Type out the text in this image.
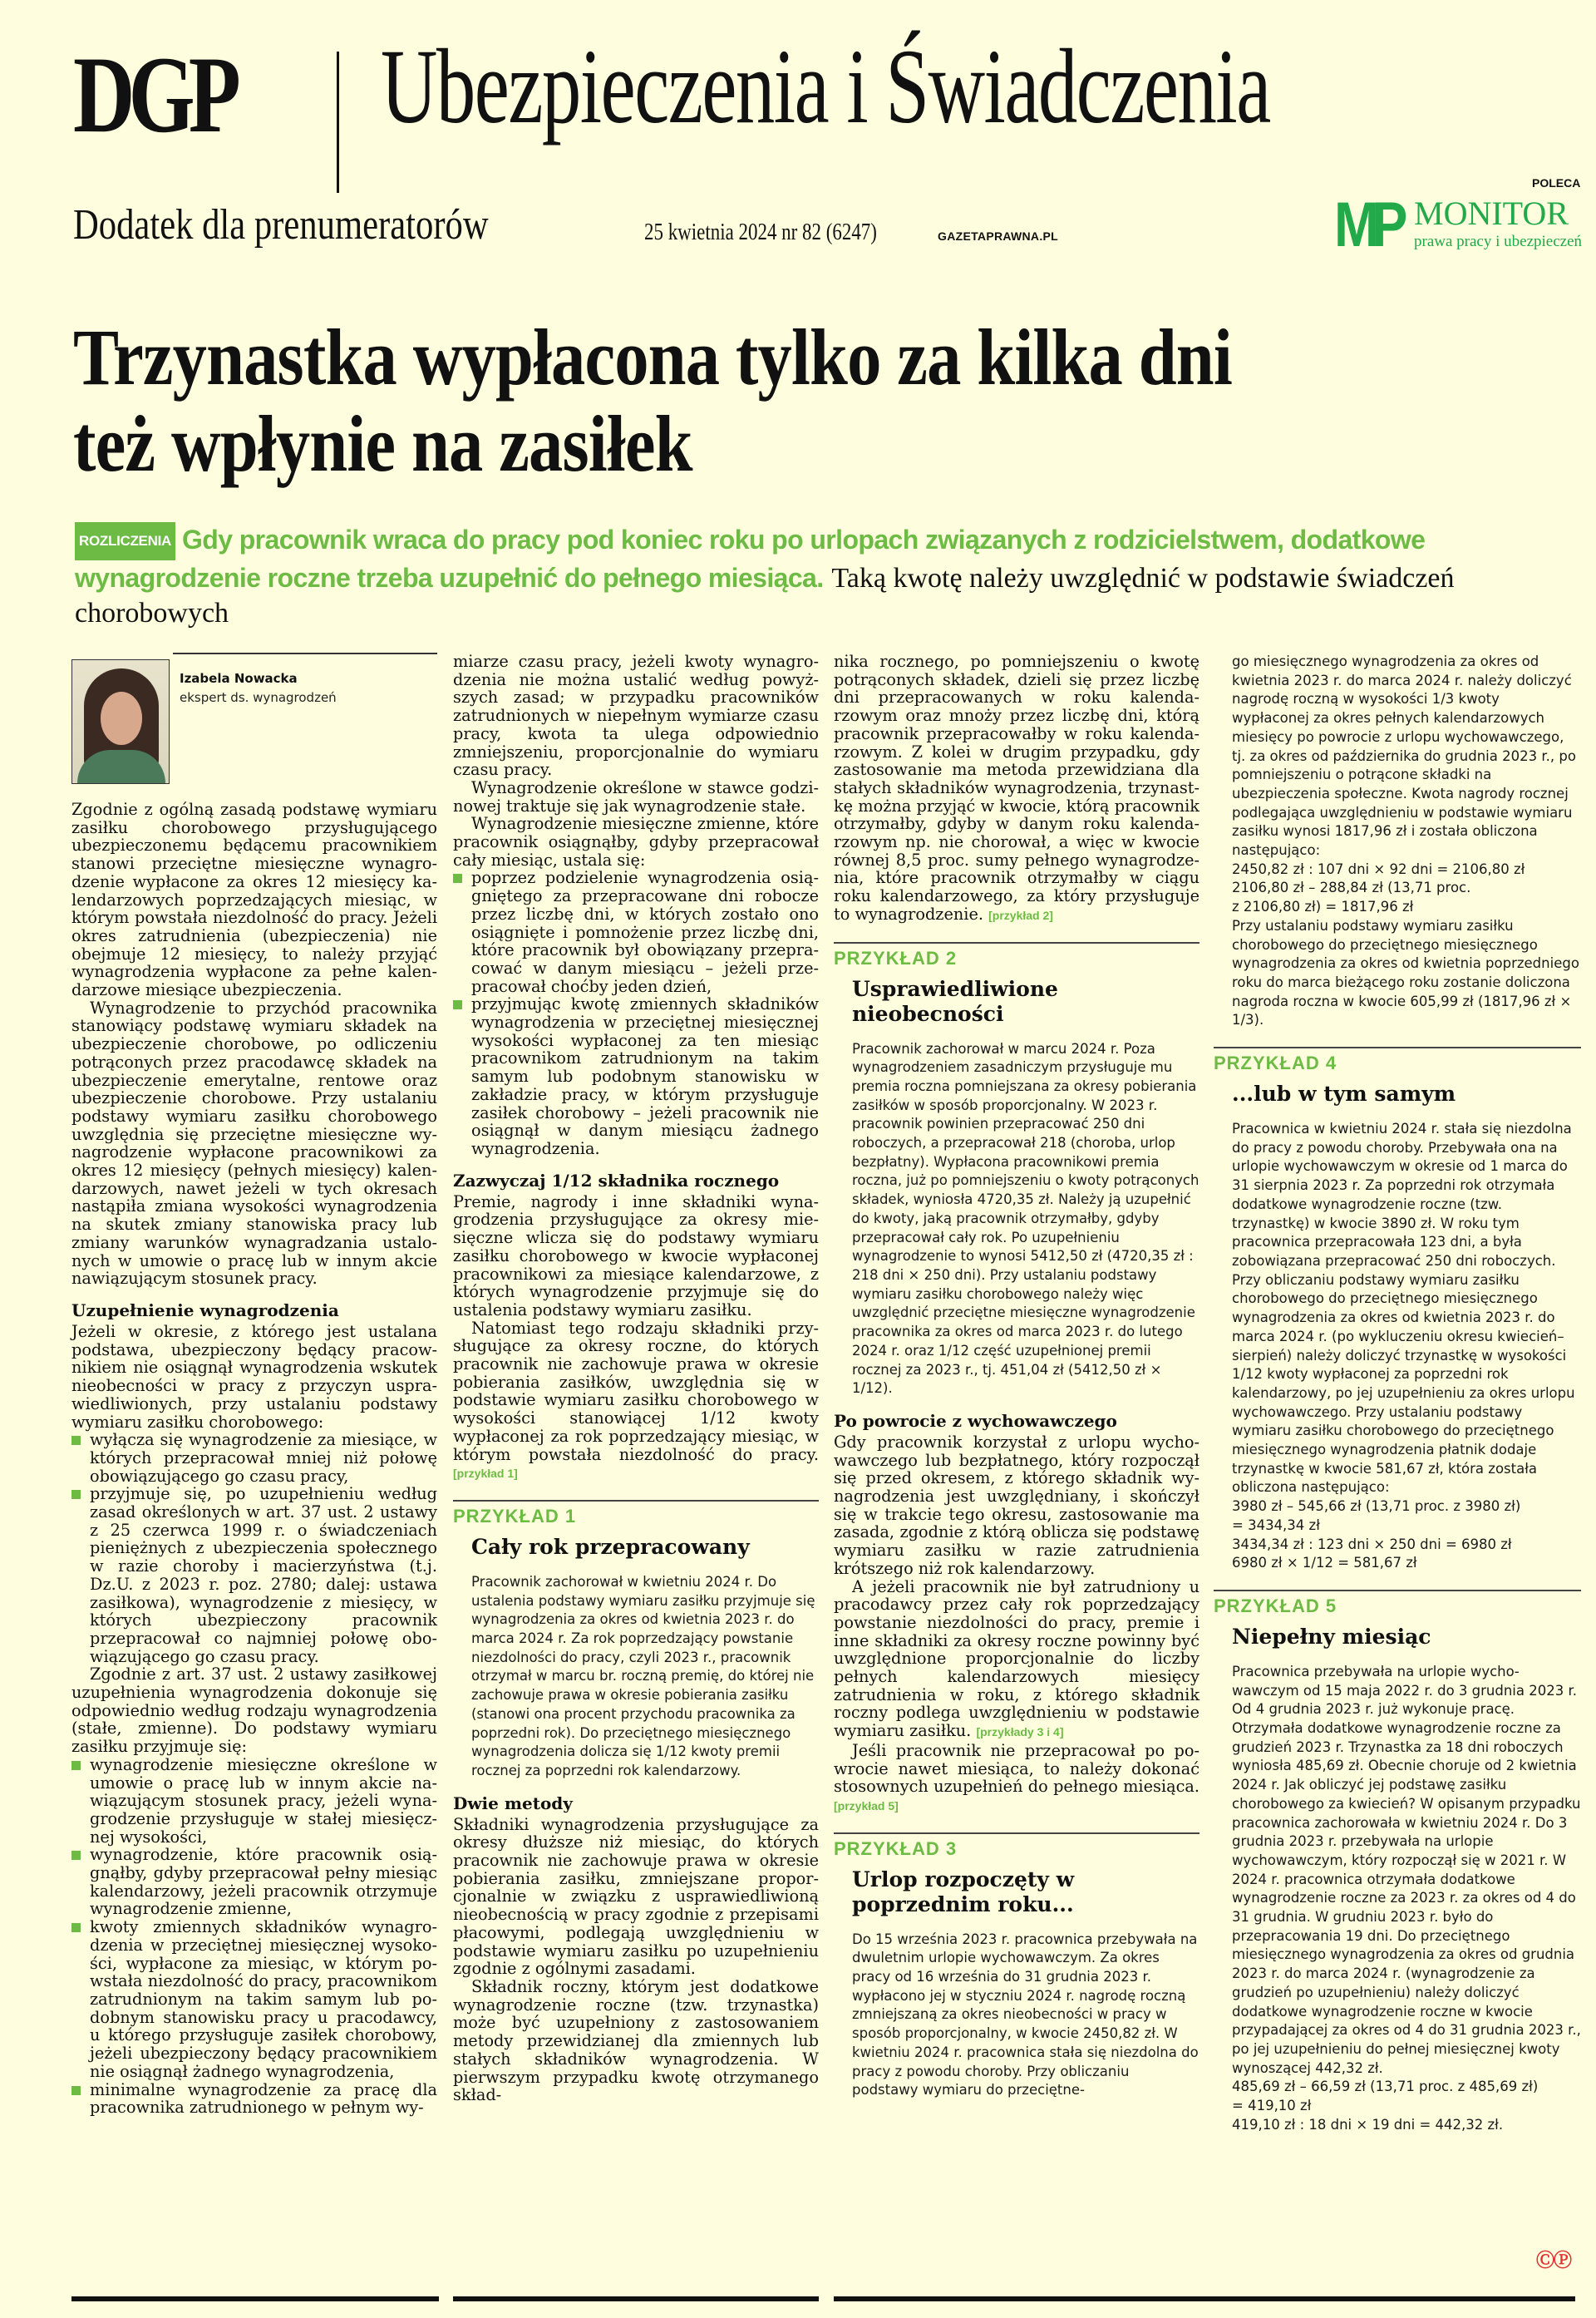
DGP Ubezpieczenia i Świadczenia
Dodatek dla prenumeratorów	25 kwietnia 2024 nr 82 (6247)	GAZETAPRAWNA.PL
POLECA
MP MONITOR
prawa pracy i ubezpieczeń
Trzynastka wypłacona tylko za kilka dni
też wpłynie na zasiłek
ROZLICZENIA Gdy pracownik wraca do pracy pod koniec roku po urlopach związanych z rodzicielstwem, dodatkowe wynagrodzenie roczne trzeba uzupełnić do pełnego miesiąca. Taką kwotę należy uwzględnić w podstawie świadczeń chorobowych
Izabela Nowacka
ekspert ds. wynagrodzeń

Zgodnie z ogólną zasadą podstawę wymiaru zasiłku chorobowego przysługującego ubezpieczonemu będącemu pracownikiem stanowi przeciętne miesięczne wynagrodzenie wypłacone za okres 12 miesięcy kalendarzowych poprzedzających miesiąc, w którym powstała niezdolność do pracy. Jeżeli okres zatrudnienia (ubezpieczenia) nie obejmuje 12 miesięcy, to należy przyjąć wynagrodzenia wypłacone za pełne kalendarzowe miesiące ubezpieczenia.

Wynagrodzenie to przychód pracownika stanowiący podstawę wymiaru składek na ubezpieczenie chorobowe, po odliczeniu potrąconych przez pracodawcę składek na ubezpieczenie emerytalne, rentowe oraz ubezpieczenie chorobowe. Przy ustalaniu podstawy wymiaru zasiłku chorobowego uwzględnia się przeciętne miesięczne wynagrodzenie wypłacone pracownikowi za okres 12 miesięcy (pełnych miesięcy) kalendarzowych, nawet jeżeli w tych okresach nastąpiła zmiana wysokości wynagrodzenia na skutek zmiany stanowiska pracy lub zmiany warunków wynagradzania ustalonych w umowie o pracę lub w innym akcie nawiązującym stosunek pracy.

Uzupełnienie wynagrodzenia

Jeżeli w okresie, z którego jest ustalana podstawa, ubezpieczony będący pracownikiem nie osiągnął wynagrodzenia wskutek nieobecności w pracy z przyczyn usprawiedliwionych, przy ustalaniu podstawy wymiaru zasiłku chorobowego:

wyłącza się wynagrodzenie za miesiące, w których przepracował mniej niż połowę obowiązującego go czasu pracy,
przyjmuje się, po uzupełnieniu według zasad określonych w art. 37 ust. 2 ustawy z 25 czerwca 1999 r. o świadczeniach pieniężnych z ubezpieczenia społecznego w razie choroby i macierzyństwa (t.j. Dz.U. z 2023 r. poz. 2780; dalej: ustawa zasiłkowa), wynagrodzenie z miesięcy, w których ubezpieczony pracownik przepracował co najmniej połowę obowiązującego go czasu pracy.

Zgodnie z art. 37 ust. 2 ustawy zasiłkowej uzupełnienia wynagrodzenia dokonuje się odpowiednio według rodzaju wynagrodzenia (stałe, zmienne). Do podstawy wymiaru zasiłku przyjmuje się:

wynagrodzenie miesięczne określone w umowie o pracę lub w innym akcie nawiązującym stosunek pracy, jeżeli wynagrodzenie przysługuje w stałej miesięcznej wysokości,
wynagrodzenie, które pracownik osiągnąłby, gdyby przepracował pełny miesiąc kalendarzowy, jeżeli pracownik otrzymuje wynagrodzenie zmienne,
kwoty zmiennych składników wynagrodzenia w przeciętnej miesięcznej wysokości, wypłacone za miesiąc, w którym powstała niezdolność do pracy, pracownikom zatrudnionym na takim samym lub podobnym stanowisku pracy u pracodawcy, u którego przysługuje zasiłek chorobowy, jeżeli ubezpieczony będący pracownikiem nie osiągnął żadnego wynagrodzenia,
minimalne wynagrodzenie za pracę dla pracownika zatrudnionego w pełnym wy-

miarze czasu pracy, jeżeli kwoty wynagrodzenia nie można ustalić według powyższych zasad; w przypadku pracowników zatrudnionych w niepełnym wymiarze czasu pracy, kwota ta ulega odpowiednio zmniejszeniu, proporcjonalnie do wymiaru czasu pracy.

Wynagrodzenie określone w stawce godzinowej traktuje się jak wynagrodzenie stałe.

Wynagrodzenie miesięczne zmienne, które pracownik osiągnąłby, gdyby przepracował cały miesiąc, ustala się:

poprzez podzielenie wynagrodzenia osiągniętego za przepracowane dni robocze przez liczbę dni, w których zostało ono osiągnięte i pomnożenie przez liczbę dni, które pracownik był obowiązany przepracować w danym miesiącu – jeżeli przepracował choćby jeden dzień,
przyjmując kwotę zmiennych składników wynagrodzenia w przeciętnej miesięcznej wysokości wypłaconej za ten miesiąc pracownikom zatrudnionym na takim samym lub podobnym stanowisku w zakładzie pracy, w którym przysługuje zasiłek chorobowy – jeżeli pracownik nie osiągnął w danym miesiącu żadnego wynagrodzenia.
Zazwyczaj 1/12 składnika rocznego

Premie, nagrody i inne składniki wynagrodzenia przysługujące za okresy miesięczne wlicza się do podstawy wymiaru zasiłku chorobowego w kwocie wypłaconej pracownikowi za miesiące kalendarzowe, z których wynagrodzenie przyjmuje się do ustalenia podstawy wymiaru zasiłku.

Natomiast tego rodzaju składniki przysługujące za okresy roczne, do których pracownik nie zachowuje prawa w okresie pobierania zasiłków, uwzględnia się w podstawie wymiaru zasiłku chorobowego w wysokości stanowiącej 1/12 kwoty wypłaconej za rok poprzedzający miesiąc, w którym powstała niezdolność do pracy. [przykład 1]

PRZYKŁAD 1
Cały rok przepracowany

Pracownik zachorował w kwietniu 2024 r. Do ustalenia podstawy wymiaru zasiłku przyjmuje się wynagrodzenia za okres od kwietnia 2023 r. do marca 2024 r. Za rok poprzedzający powstanie niezdolności do pracy, czyli 2023 r., pracownik otrzymał w marcu br. roczną premię, do której nie zachowuje prawa w okresie pobierania zasiłku (stanowi ona procent przychodu pracownika za poprzedni rok). Do przeciętnego miesięcznego wynagrodzenia dolicza się 1/12 kwoty premii rocznej za poprzedni rok kalendarzowy.

Dwie metody

Składniki wynagrodzenia przysługujące za okresy dłuższe niż miesiąc, do których pracownik nie zachowuje prawa w okresie pobierania zasiłku, zmniejszane proporcjonalnie w związku z usprawiedliwioną nieobecnością w pracy zgodnie z przepisami płacowymi, podlegają uwzględnieniu w podstawie wymiaru zasiłku po uzupełnieniu zgodnie z ogólnymi zasadami.

Składnik roczny, którym jest dodatkowe wynagrodzenie roczne (tzw. trzynastka) może być uzupełniony z zastosowaniem metody przewidzianej dla zmiennych lub stałych składników wynagrodzenia. W pierwszym przypadku kwotę otrzymanego skład-

nika rocznego, po pomniejszeniu o kwotę potrąconych składek, dzieli się przez liczbę dni przepracowanych w roku kalendarzowym oraz mnoży przez liczbę dni, którą pracownik przepracowałby w roku kalendarzowym. Z kolei w drugim przypadku, gdy zastosowanie ma metoda przewidziana dla stałych składników wynagrodzenia, trzynastkę można przyjąć w kwocie, którą pracownik otrzymałby, gdyby w danym roku kalendarzowym np. nie chorował, a więc w kwocie równej 8,5 proc. sumy pełnego wynagrodzenia, które pracownik otrzymałby w ciągu roku kalendarzowego, za który przysługuje to wynagrodzenie. [przykład 2]

PRZYKŁAD 2
Usprawiedliwione nieobecności

Pracownik zachorował w marcu 2024 r. Poza wynagrodzeniem zasadniczym przysługuje mu premia roczna pomniejszana za okresy pobierania zasiłków w sposób proporcjonalny. W 2023 r. pracownik powinien przepracować 250 dni roboczych, a przepracował 218 (choroba, urlop bezpłatny). Wypłacona pracownikowi premia roczna, już po pomniejszeniu o kwoty potrąconych składek, wyniosła 4720,35 zł. Należy ją uzupełnić do kwoty, jaką pracownik otrzymałby, gdyby przepracował cały rok. Po uzupełnieniu wynagrodzenie to wynosi 5412,50 zł (4720,35 zł : 218 dni × 250 dni). Przy ustalaniu podstawy wymiaru zasiłku chorobowego należy więc uwzględnić przeciętne miesięczne wynagrodzenie pracownika za okres od marca 2023 r. do lutego 2024 r. oraz 1/12 część uzupełnionej premii rocznej za 2023 r., tj. 451,04 zł (5412,50 zł × 1/12).

Po powrocie z wychowawczego

Gdy pracownik korzystał z urlopu wychowawczego lub bezpłatnego, który rozpoczął się przed okresem, z którego składnik wynagrodzenia jest uwzględniany, i skończył się w trakcie tego okresu, zastosowanie ma zasada, zgodnie z którą oblicza się podstawę wymiaru zasiłku w razie zatrudnienia krótszego niż rok kalendarzowy.

A jeżeli pracownik nie był zatrudniony u pracodawcy przez cały rok poprzedzający powstanie niezdolności do pracy, premie i inne składniki za okresy roczne powinny być uwzględnione proporcjonalnie do liczby pełnych kalendarzowych miesięcy zatrudnienia w roku, z którego składnik roczny podlega uwzględnieniu w podstawie wymiaru zasiłku. [przykłady 3 i 4]

Jeśli pracownik nie przepracował po powrocie nawet miesiąca, to należy dokonać stosownych uzupełnień do pełnego miesiąca. [przykład 5]

PRZYKŁAD 3
Urlop rozpoczęty w poprzednim roku...

Do 15 września 2023 r. pracownica przebywała na dwuletnim urlopie wychowawczym. Za okres pracy od 16 września do 31 grudnia 2023 r. wypłacono jej w styczniu 2024 r. nagrodę roczną zmniejszaną za okres nieobecności w pracy w sposób proporcjonalny, w kwocie 2450,82 zł. W kwietniu 2024 r. pracownica stała się niezdolna do pracy z powodu choroby. Przy obliczaniu podstawy wymiaru do przeciętne-

go miesięcznego wynagrodzenia za okres od kwietnia 2023 r. do marca 2024 r. należy doliczyć nagrodę roczną w wysokości 1/3 kwoty wypłaconej za okres pełnych kalendarzowych miesięcy po powrocie z urlopu wychowawczego, tj. za okres od października do grudnia 2023 r., po pomniejszeniu o potrącone składki na ubezpieczenia społeczne. Kwota nagrody rocznej podlegająca uwzględnieniu w podstawie wymiaru zasiłku wynosi 1817,96 zł i została obliczona następująco:

2450,82 zł : 107 dni × 92 dni = 2106,80 zł

2106,80 zł – 288,84 zł (13,71 proc.

z 2106,80 zł) = 1817,96 zł

Przy ustalaniu podstawy wymiaru zasiłku chorobowego do przeciętnego miesięcznego wynagrodzenia za okres od kwietnia poprzedniego roku do marca bieżącego roku zostanie doliczona nagroda roczna w kwocie 605,99 zł (1817,96 zł × 1/3).

PRZYKŁAD 4
...lub w tym samym

Pracownica w kwietniu 2024 r. stała się niezdolna do pracy z powodu choroby. Przebywała ona na urlopie wychowawczym w okresie od 1 marca do 31 sierpnia 2023 r. Za poprzedni rok otrzymała dodatkowe wynagrodzenie roczne (tzw. trzynastkę) w kwocie 3890 zł. W roku tym pracownica przepracowała 123 dni, a była zobowiązana przepracować 250 dni roboczych. Przy obliczaniu podstawy wymiaru zasiłku chorobowego do przeciętnego miesięcznego wynagrodzenia za okres od kwietnia 2023 r. do marca 2024 r. (po wykluczeniu okresu kwiecień–sierpień) należy doliczyć trzynastkę w wysokości 1/12 kwoty wypłaconej za poprzedni rok kalendarzowy, po jej uzupełnieniu za okres urlopu wychowawczego. Przy ustalaniu podstawy wymiaru zasiłku chorobowego do przeciętnego miesięcznego wynagrodzenia płatnik dodaje trzynastkę w kwocie 581,67 zł, która została obliczona następująco:

3980 zł – 545,66 zł (13,71 proc. z 3980 zł)

= 3434,34 zł

3434,34 zł : 123 dni × 250 dni = 6980 zł

6980 zł × 1/12 = 581,67 zł

PRZYKŁAD 5
Niepełny miesiąc

Pracownica przebywała na urlopie wychowawczym od 15 maja 2022 r. do 3 grudnia 2023 r. Od 4 grudnia 2023 r. już wykonuje pracę. Otrzymała dodatkowe wynagrodzenie roczne za grudzień 2023 r. Trzynastka za 18 dni roboczych wyniosła 485,69 zł. Obecnie choruje od 2 kwietnia 2024 r. Jak obliczyć jej podstawę zasiłku chorobowego za kwiecień? W opisanym przypadku pracownica zachorowała w kwietniu 2024 r. Do 3 grudnia 2023 r. przebywała na urlopie wychowawczym, który rozpoczął się w 2021 r. W 2024 r. pracownica otrzymała dodatkowe wynagrodzenie roczne za 2023 r. za okres od 4 do 31 grudnia. W grudniu 2023 r. było do przepracowania 19 dni. Do przeciętnego miesięcznego wynagrodzenia za okres od grudnia 2023 r. do marca 2024 r. (wynagrodzenie za grudzień po uzupełnieniu) należy doliczyć dodatkowe wynagrodzenie roczne w kwocie przypadającej za okres od 4 do 31 grudnia 2023 r., po jej uzupełnieniu do pełnej miesięcznej kwoty wynoszącej 442,32 zł.

485,69 zł – 66,59 zł (13,71 proc. z 485,69 zł)

= 419,10 zł

419,10 zł : 18 dni × 19 dni = 442,32 zł.

ⒸⓅ
